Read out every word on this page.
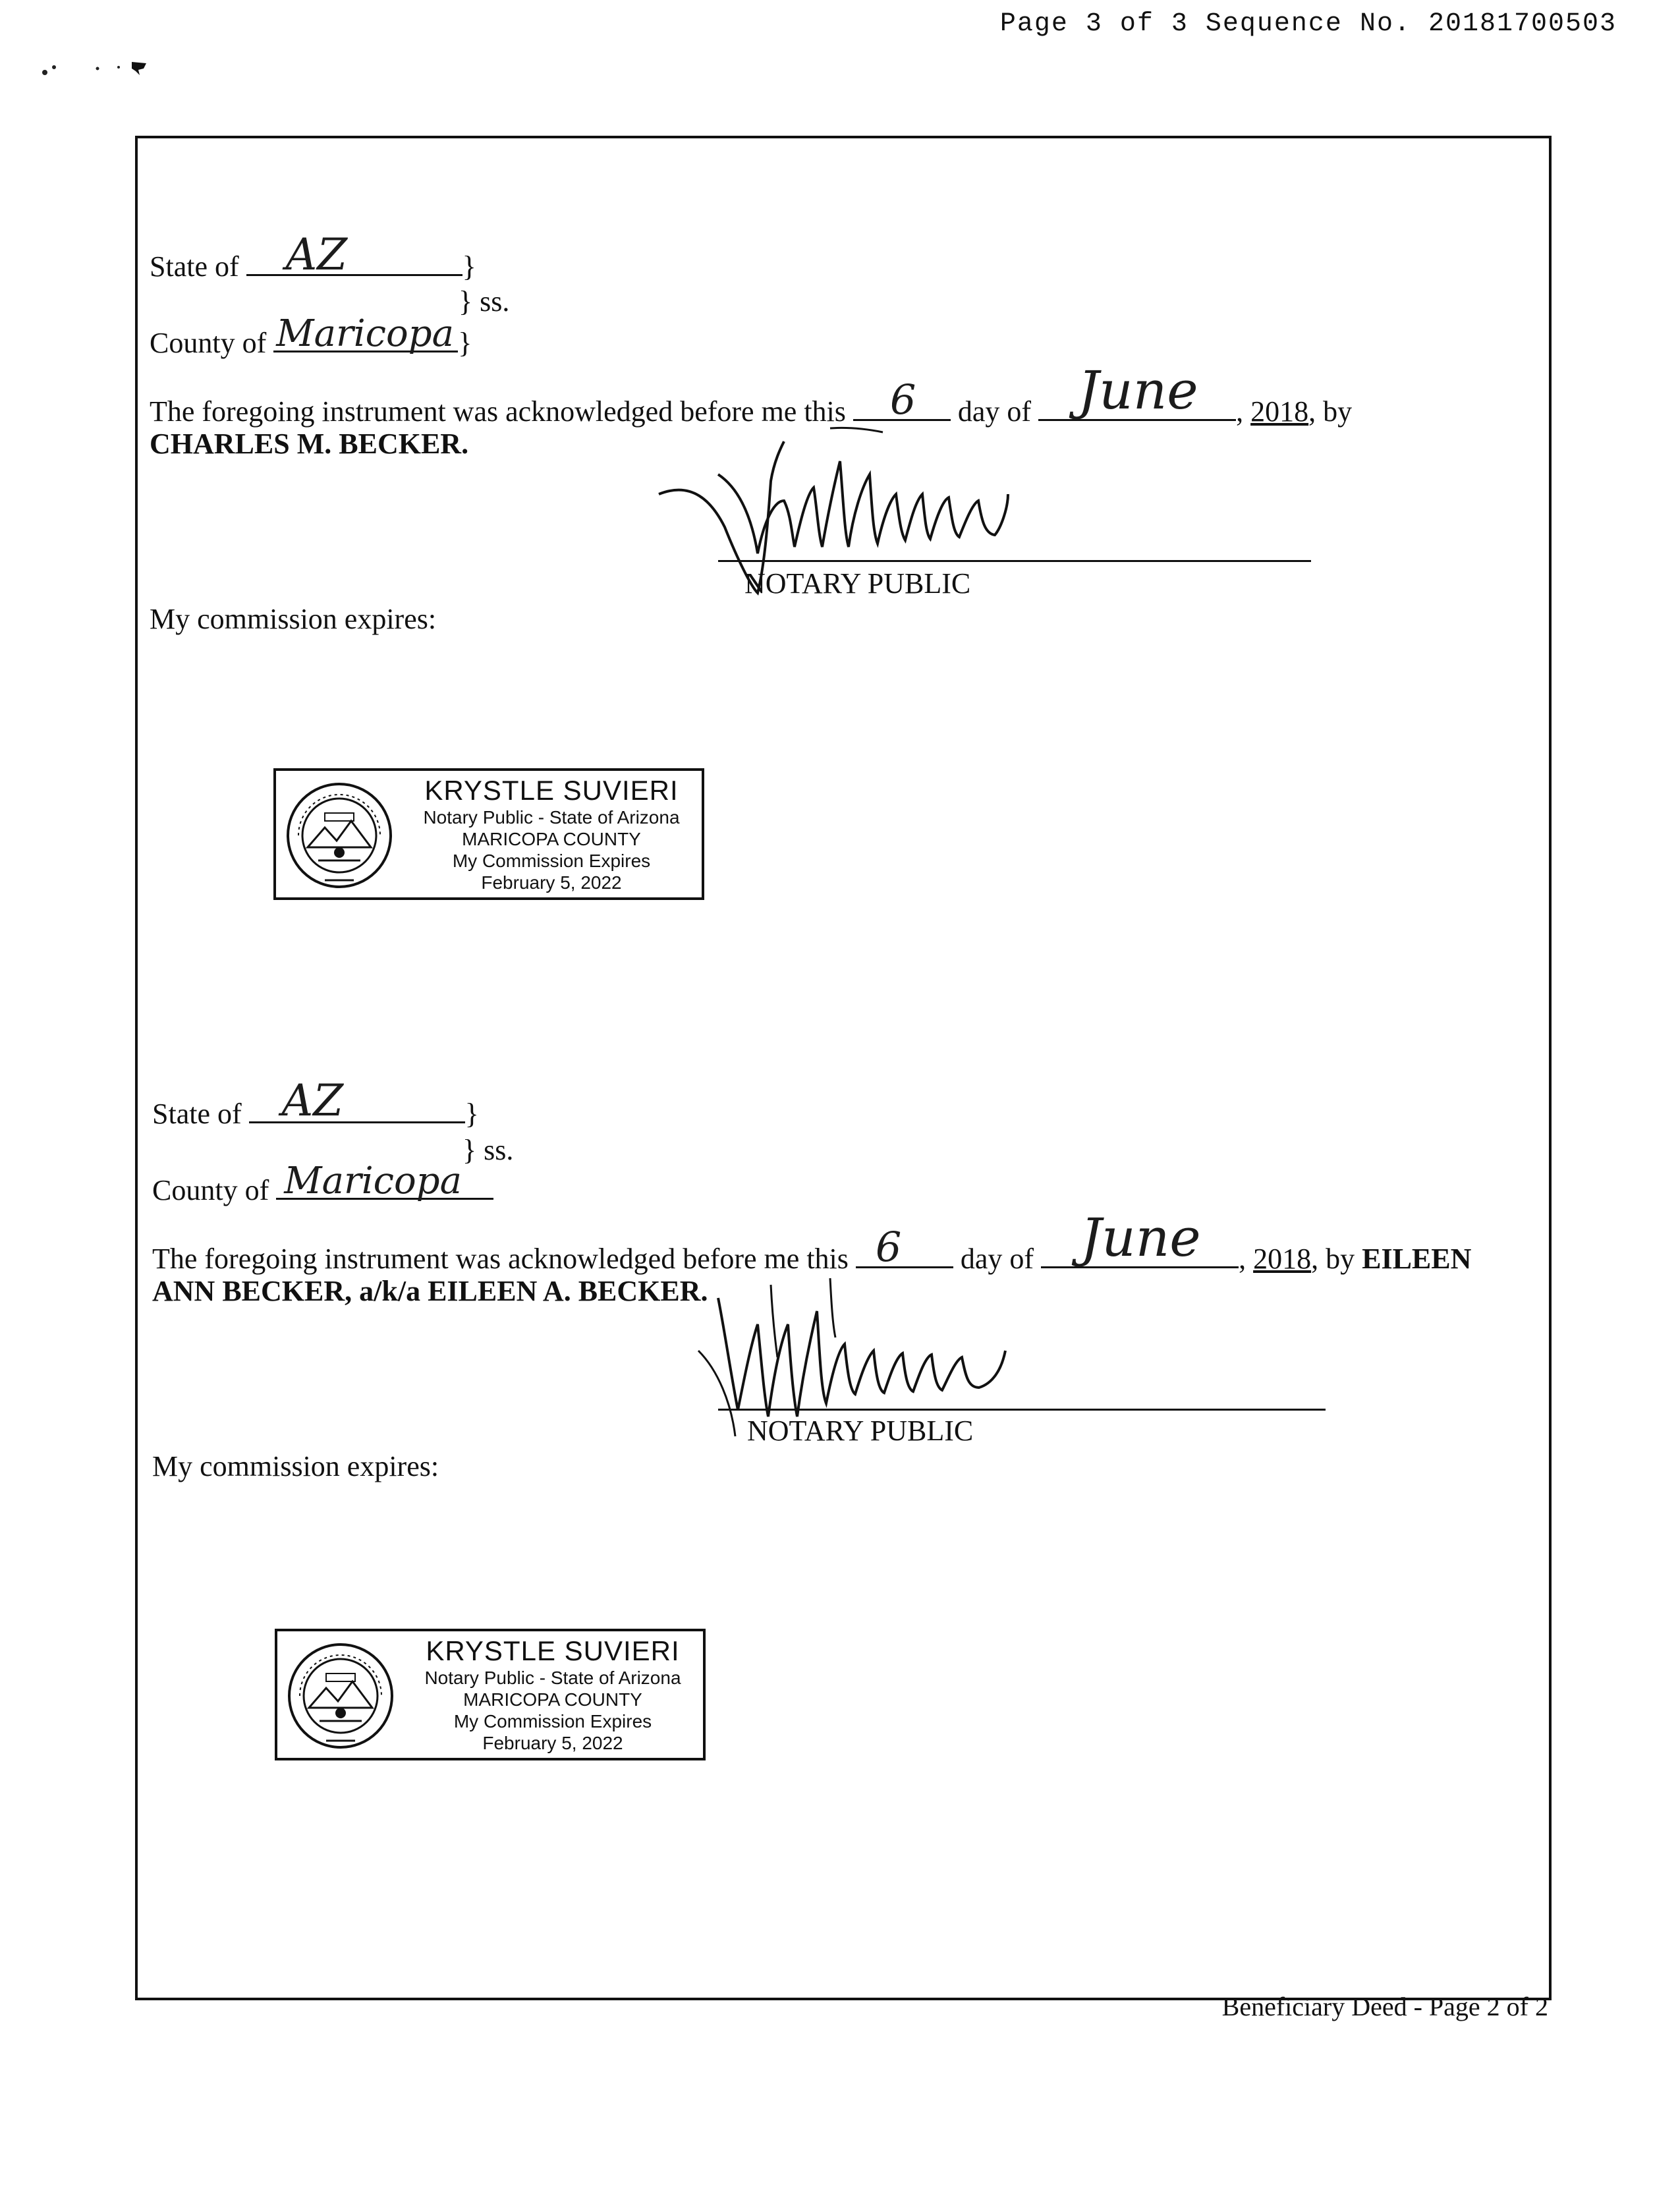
Page 3 of 3 Sequence No. 20181700503
State of AZ	}
} ss.
County of Maricopa }
The foregoing instrument was acknowledged before me this 6 day of June , 2018, by
CHARLES M. BECKER.
NOTARY PUBLIC
My commission expires:
KRYSTLE SUVIERI
Notary Public - State of Arizona
MARICOPA COUNTY
My Commission Expires
February 5, 2022
State of AZ	}
} ss.
County of Maricopa
The foregoing instrument was acknowledged before me this 6 day of June , 2018, by EILEEN
ANN BECKER, a/k/a EILEEN A. BECKER.
NOTARY PUBLIC
My commission expires:
KRYSTLE SUVIERI
Notary Public - State of Arizona
MARICOPA COUNTY
My Commission Expires
February 5, 2022
Beneficiary Deed - Page 2 of 2
